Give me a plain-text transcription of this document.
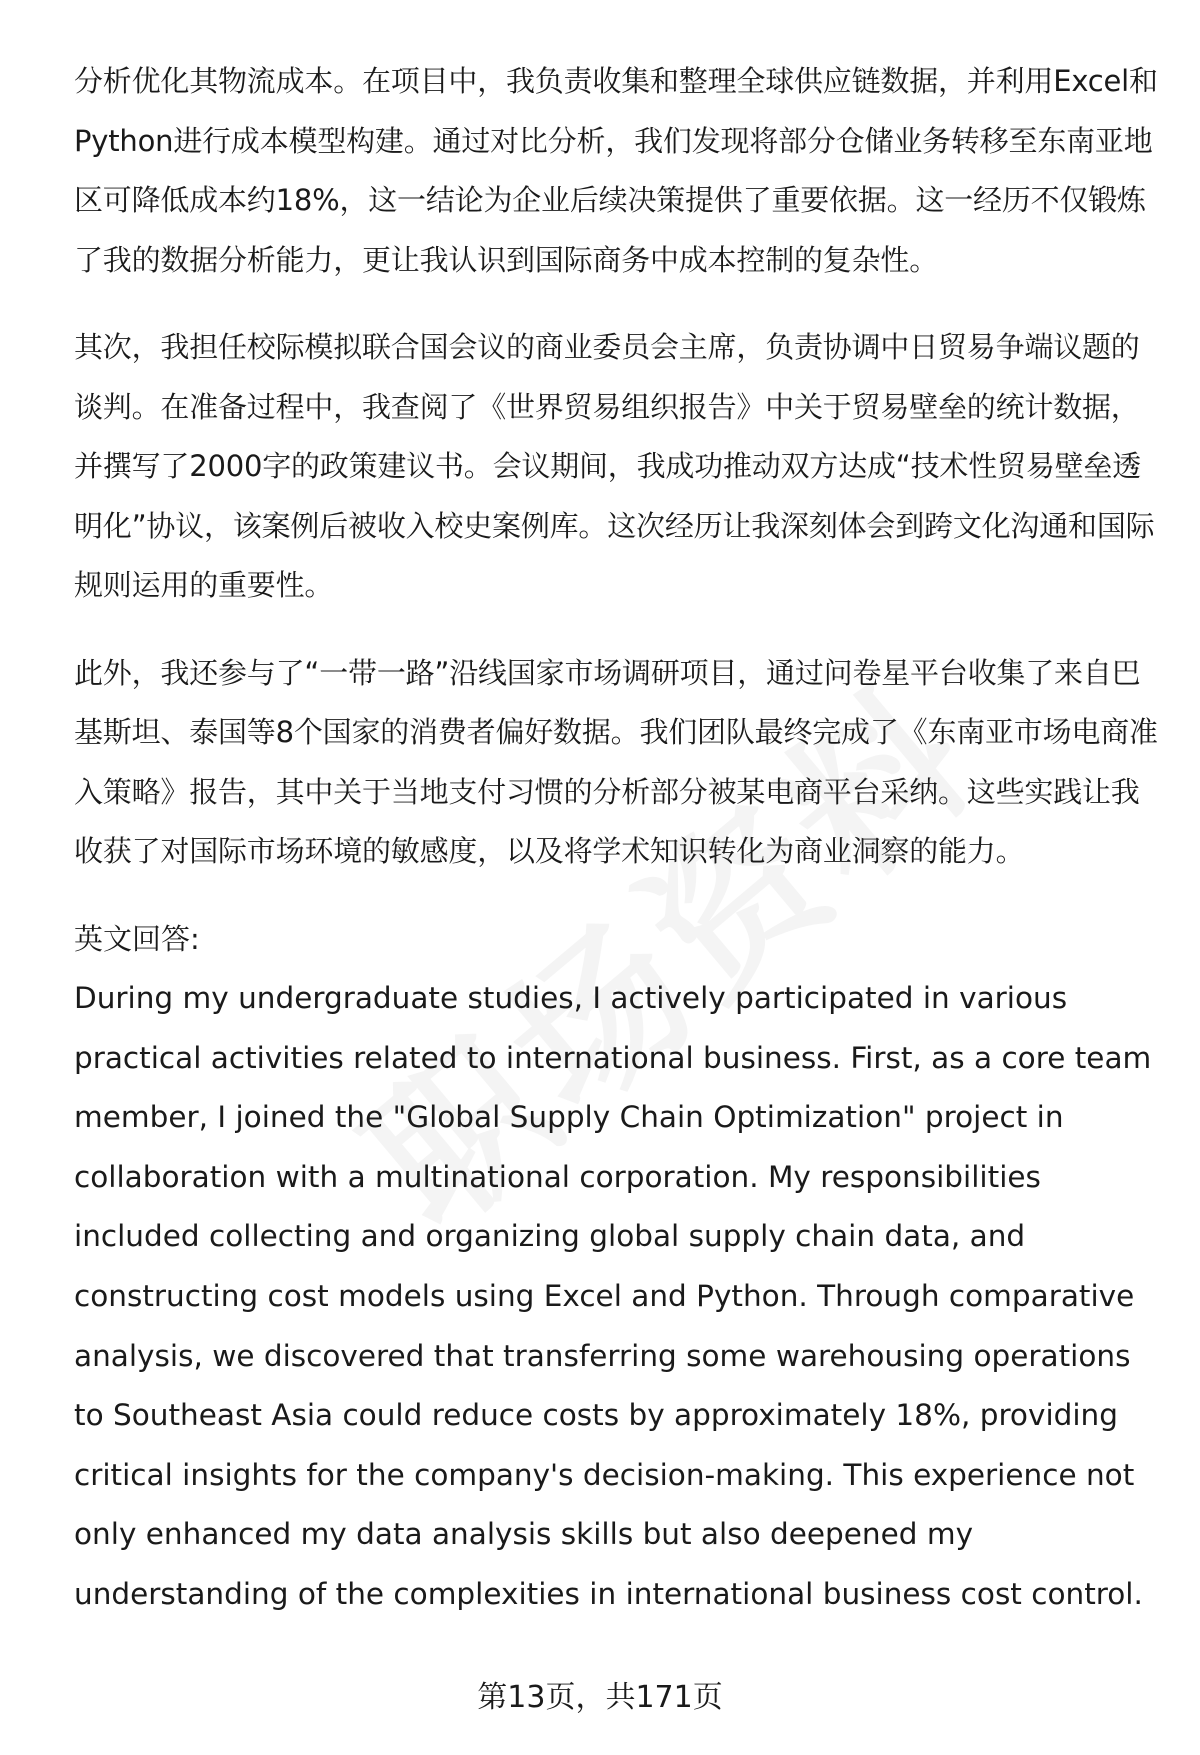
分析优化其物流成本。在项目中，我负责收集和整理全球供应链数据，并利用Excel和Python进行成本模型构建。通过对比分析，我们发现将部分仓储业务转移至东南亚地区可降低成本约18%，这一结论为企业后续决策提供了重要依据。这一经历不仅锻炼了我的数据分析能力，更让我认识到国际商务中成本控制的复杂性。

其次，我担任校际模拟联合国会议的商业委员会主席，负责协调中日贸易争端议题的谈判。在准备过程中，我查阅了《世界贸易组织报告》中关于贸易壁垒的统计数据，并撰写了2000字的政策建议书。会议期间，我成功推动双方达成“技术性贸易壁垒透明化”协议，该案例后被收入校史案例库。这次经历让我深刻体会到跨文化沟通和国际规则运用的重要性。

此外，我还参与了“一带一路”沿线国家市场调研项目，通过问卷星平台收集了来自巴基斯坦、泰国等8个国家的消费者偏好数据。我们团队最终完成了《东南亚市场电商准入策略》报告，其中关于当地支付习惯的分析部分被某电商平台采纳。这些实践让我收获了对国际市场环境的敏感度，以及将学术知识转化为商业洞察的能力。

英文回答:

During my undergraduate studies, I actively participated in various practical activities related to international business. First, as a core team member, I joined the "Global Supply Chain Optimization" project in collaboration with a multinational corporation. My responsibilities included collecting and organizing global supply chain data, and constructing cost models using Excel and Python. Through comparative analysis, we discovered that transferring some warehousing operations to Southeast Asia could reduce costs by approximately 18%, providing critical insights for the company's decision-making. This experience not only enhanced my data analysis skills but also deepened my understanding of the complexities in international business cost control.

第13页，共171页
